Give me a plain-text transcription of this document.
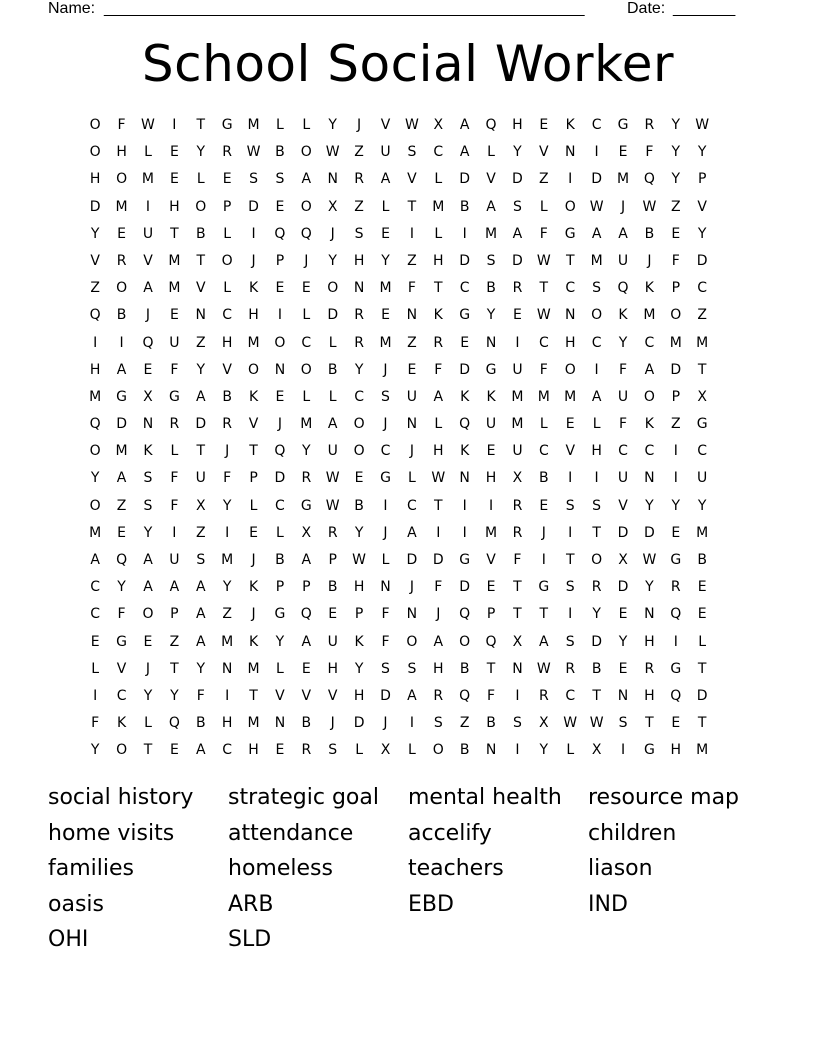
Name: ______________________________________________________	Date: _______
School Social Worker
O	F	W	I	T	G	M	L	L	Y	J	V	W	X	A	Q	H	E	K	C	G	R	Y	W
O	H	L	E	Y	R	W	B	O W	Z	U	S	C	A	L	Y	V	N	I	E	F	Y	Y
H	O	M	E	L	E	S	S	A	N	R	A	V	L	D	V	D	Z	I	D	M	Q	Y	P
D	M	I	H	O	P	D	E	O	X	Z	L	T	M	B	A	S	L	O W	J	W	Z	V
Y	E	U	T	B	L	I	Q	Q	J	S	E	I	L	I	M	A	F	G	A	A	B	E	Y
V	R	V	M	T	O	J	P	J	Y	H	Y	Z	H	D	S	D	W	T	M	U	J	F	D
Z	O	A	M	V	L	K	E	E	O	N	M	F	T	C	B	R	T	C	S	Q	K	P	C
Q	B	J	E	N	C	H	I	L	D	R	E	N	K	G	Y	E	W	N	O	K	M	O	Z
I	I	Q	U	Z	H	M	O	C	L	R	M	Z	R	E	N	I	C	H	C	Y	C	M	M
H	A	E	F	Y	V	O	N	O	B	Y	J	E	F	D	G	U	F	O	I	F	A	D	T
M	G	X	G	A	B	K	E	L	L	C	S	U	A	K	K	M	M	M	A	U	O	P	X
Q	D	N	R	D	R	V	J	M	A	O	J	N	L	Q	U	M	L	E	L	F	K	Z	G
O	M	K	L	T	J	T	Q	Y	U	O	C	J	H	K	E	U	C	V	H	C	C	I	C
Y	A	S	F	U	F	P	D	R	W	E	G	L	W	N	H	X	B	I	I	U	N	I	U
O	Z	S	F	X	Y	L	C	G	W	B	I	C	T	I	I	R	E	S	S	V	Y	Y	Y
M	E	Y	I	Z	I	E	L	X	R	Y	J	A	I	I	M	R	J	I	T	D	D	E	M
A	Q	A	U	S	M	J	B	A	P	W	L	D	D	G	V	F	I	T	O	X	W	G	B
C	Y	A	A	A	Y	K	P	P	B	H	N	J	F	D	E	T	G	S	R	D	Y	R	E
C	F	O	P	A	Z	J	G	Q	E	P	F	N	J	Q	P	T	T	I	Y	E	N	Q	E
E	G	E	Z	A	M	K	Y	A	U	K	F	O	A	O	Q	X	A	S	D	Y	H	I	L
L	V	J	T	Y	N	M	L	E	H	Y	S	S	H	B	T	N	W	R	B	E	R	G	T
I	C	Y	Y	F	I	T	V	V	V	H	D	A	R	Q	F	I	R	C	T	N	H	Q	D
F	K	L	Q	B	H	M	N	B	J	D	J	I	S	Z	B	S	X	W W	S	T	E	T
Y	O	T	E	A	C	H	E	R	S	L	X	L	O	B	N	I	Y	L	X	I	G	H	M
social history	strategic goal	mental health	resource map
home visits	attendance	accelify	children
families	homeless	teachers	liason
oasis	ARB	EBD	IND
OHI	SLD
